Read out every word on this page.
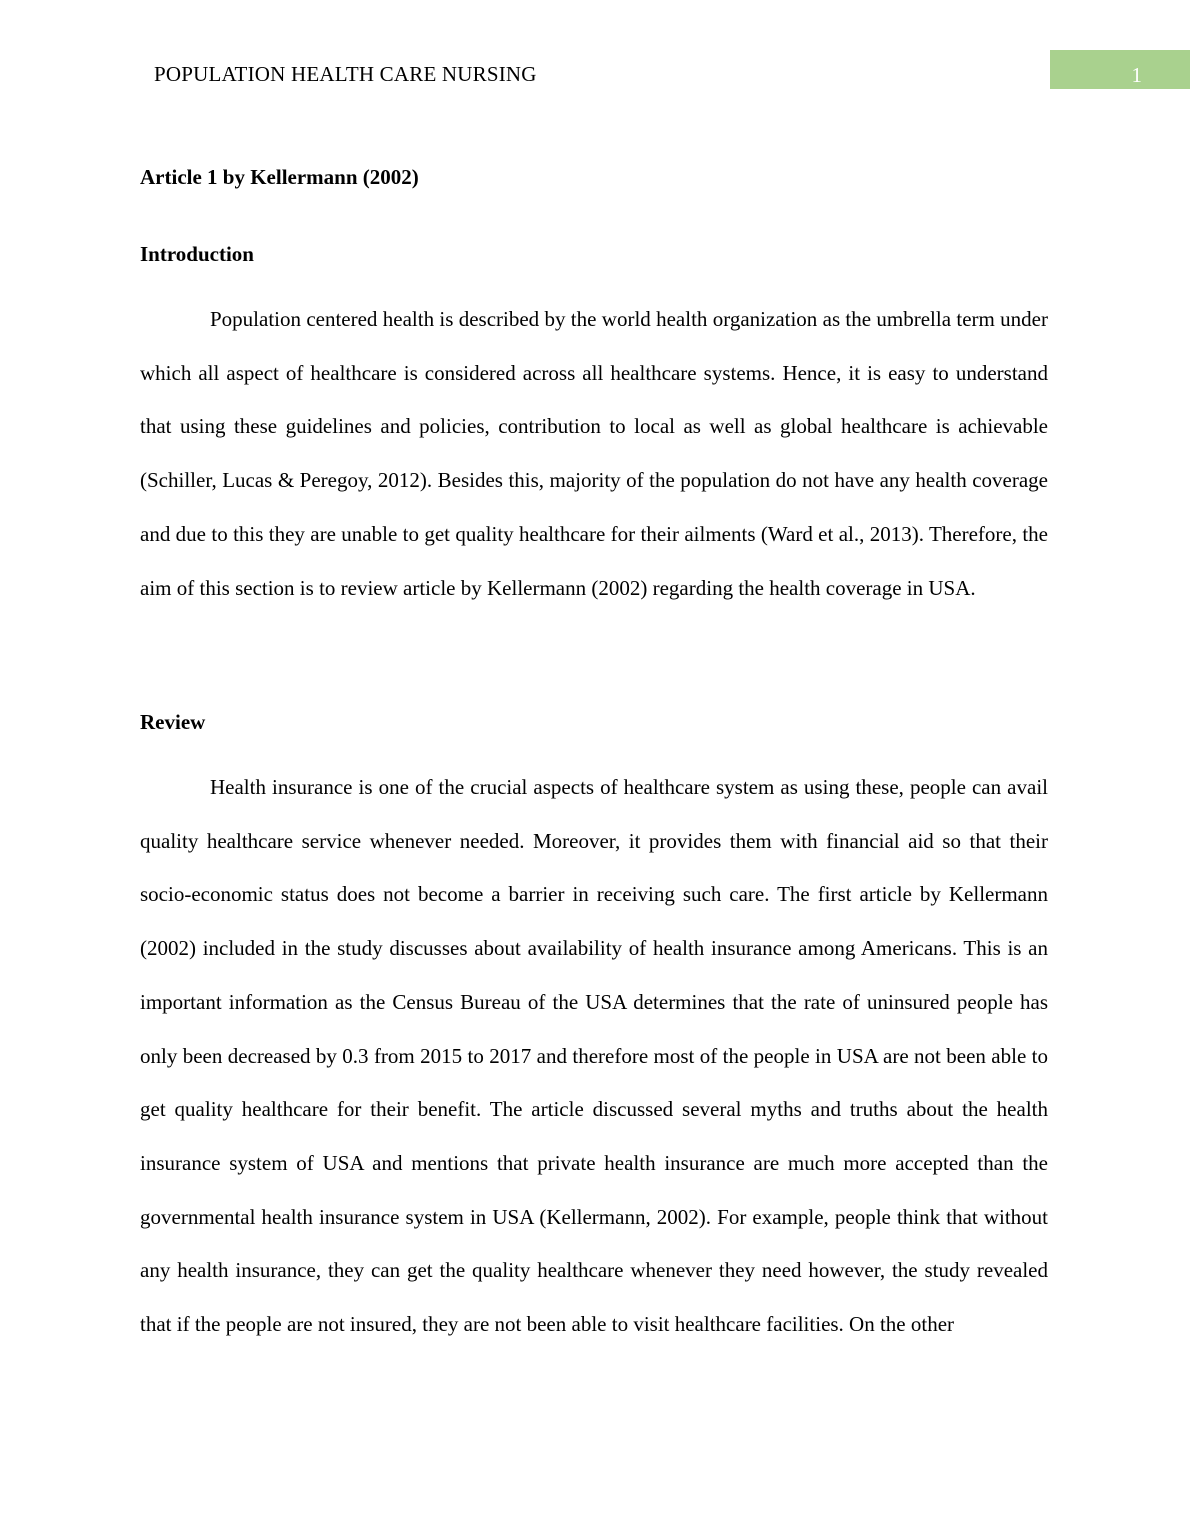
POPULATION HEALTH CARE NURSING	1
Article 1 by Kellermann (2002)
Introduction

Population centered health is described by the world health organization as the umbrella term under which all aspect of healthcare is considered across all healthcare systems. Hence, it is easy to understand that using these guidelines and policies, contribution to local as well as global healthcare is achievable (Schiller, Lucas & Peregoy, 2012). Besides this, majority of the population do not have any health coverage and due to this they are unable to get quality healthcare for their ailments (Ward et al., 2013). Therefore, the aim of this section is to review article by Kellermann (2002) regarding the health coverage in USA.

Review

Health insurance is one of the crucial aspects of healthcare system as using these, people can avail quality healthcare service whenever needed. Moreover, it provides them with financial aid so that their socio-economic status does not become a barrier in receiving such care. The first article by Kellermann (2002) included in the study discusses about availability of health insurance among Americans. This is an important information as the Census Bureau of the USA determines that the rate of uninsured people has only been decreased by 0.3 from 2015 to 2017 and therefore most of the people in USA are not been able to get quality healthcare for their benefit. The article discussed several myths and truths about the health insurance system of USA and mentions that private health insurance are much more accepted than the governmental health insurance system in USA (Kellermann, 2002). For example, people think that without any health insurance, they can get the quality healthcare whenever they need however, the study revealed that if the people are not insured, they are not been able to visit healthcare facilities. On the other
